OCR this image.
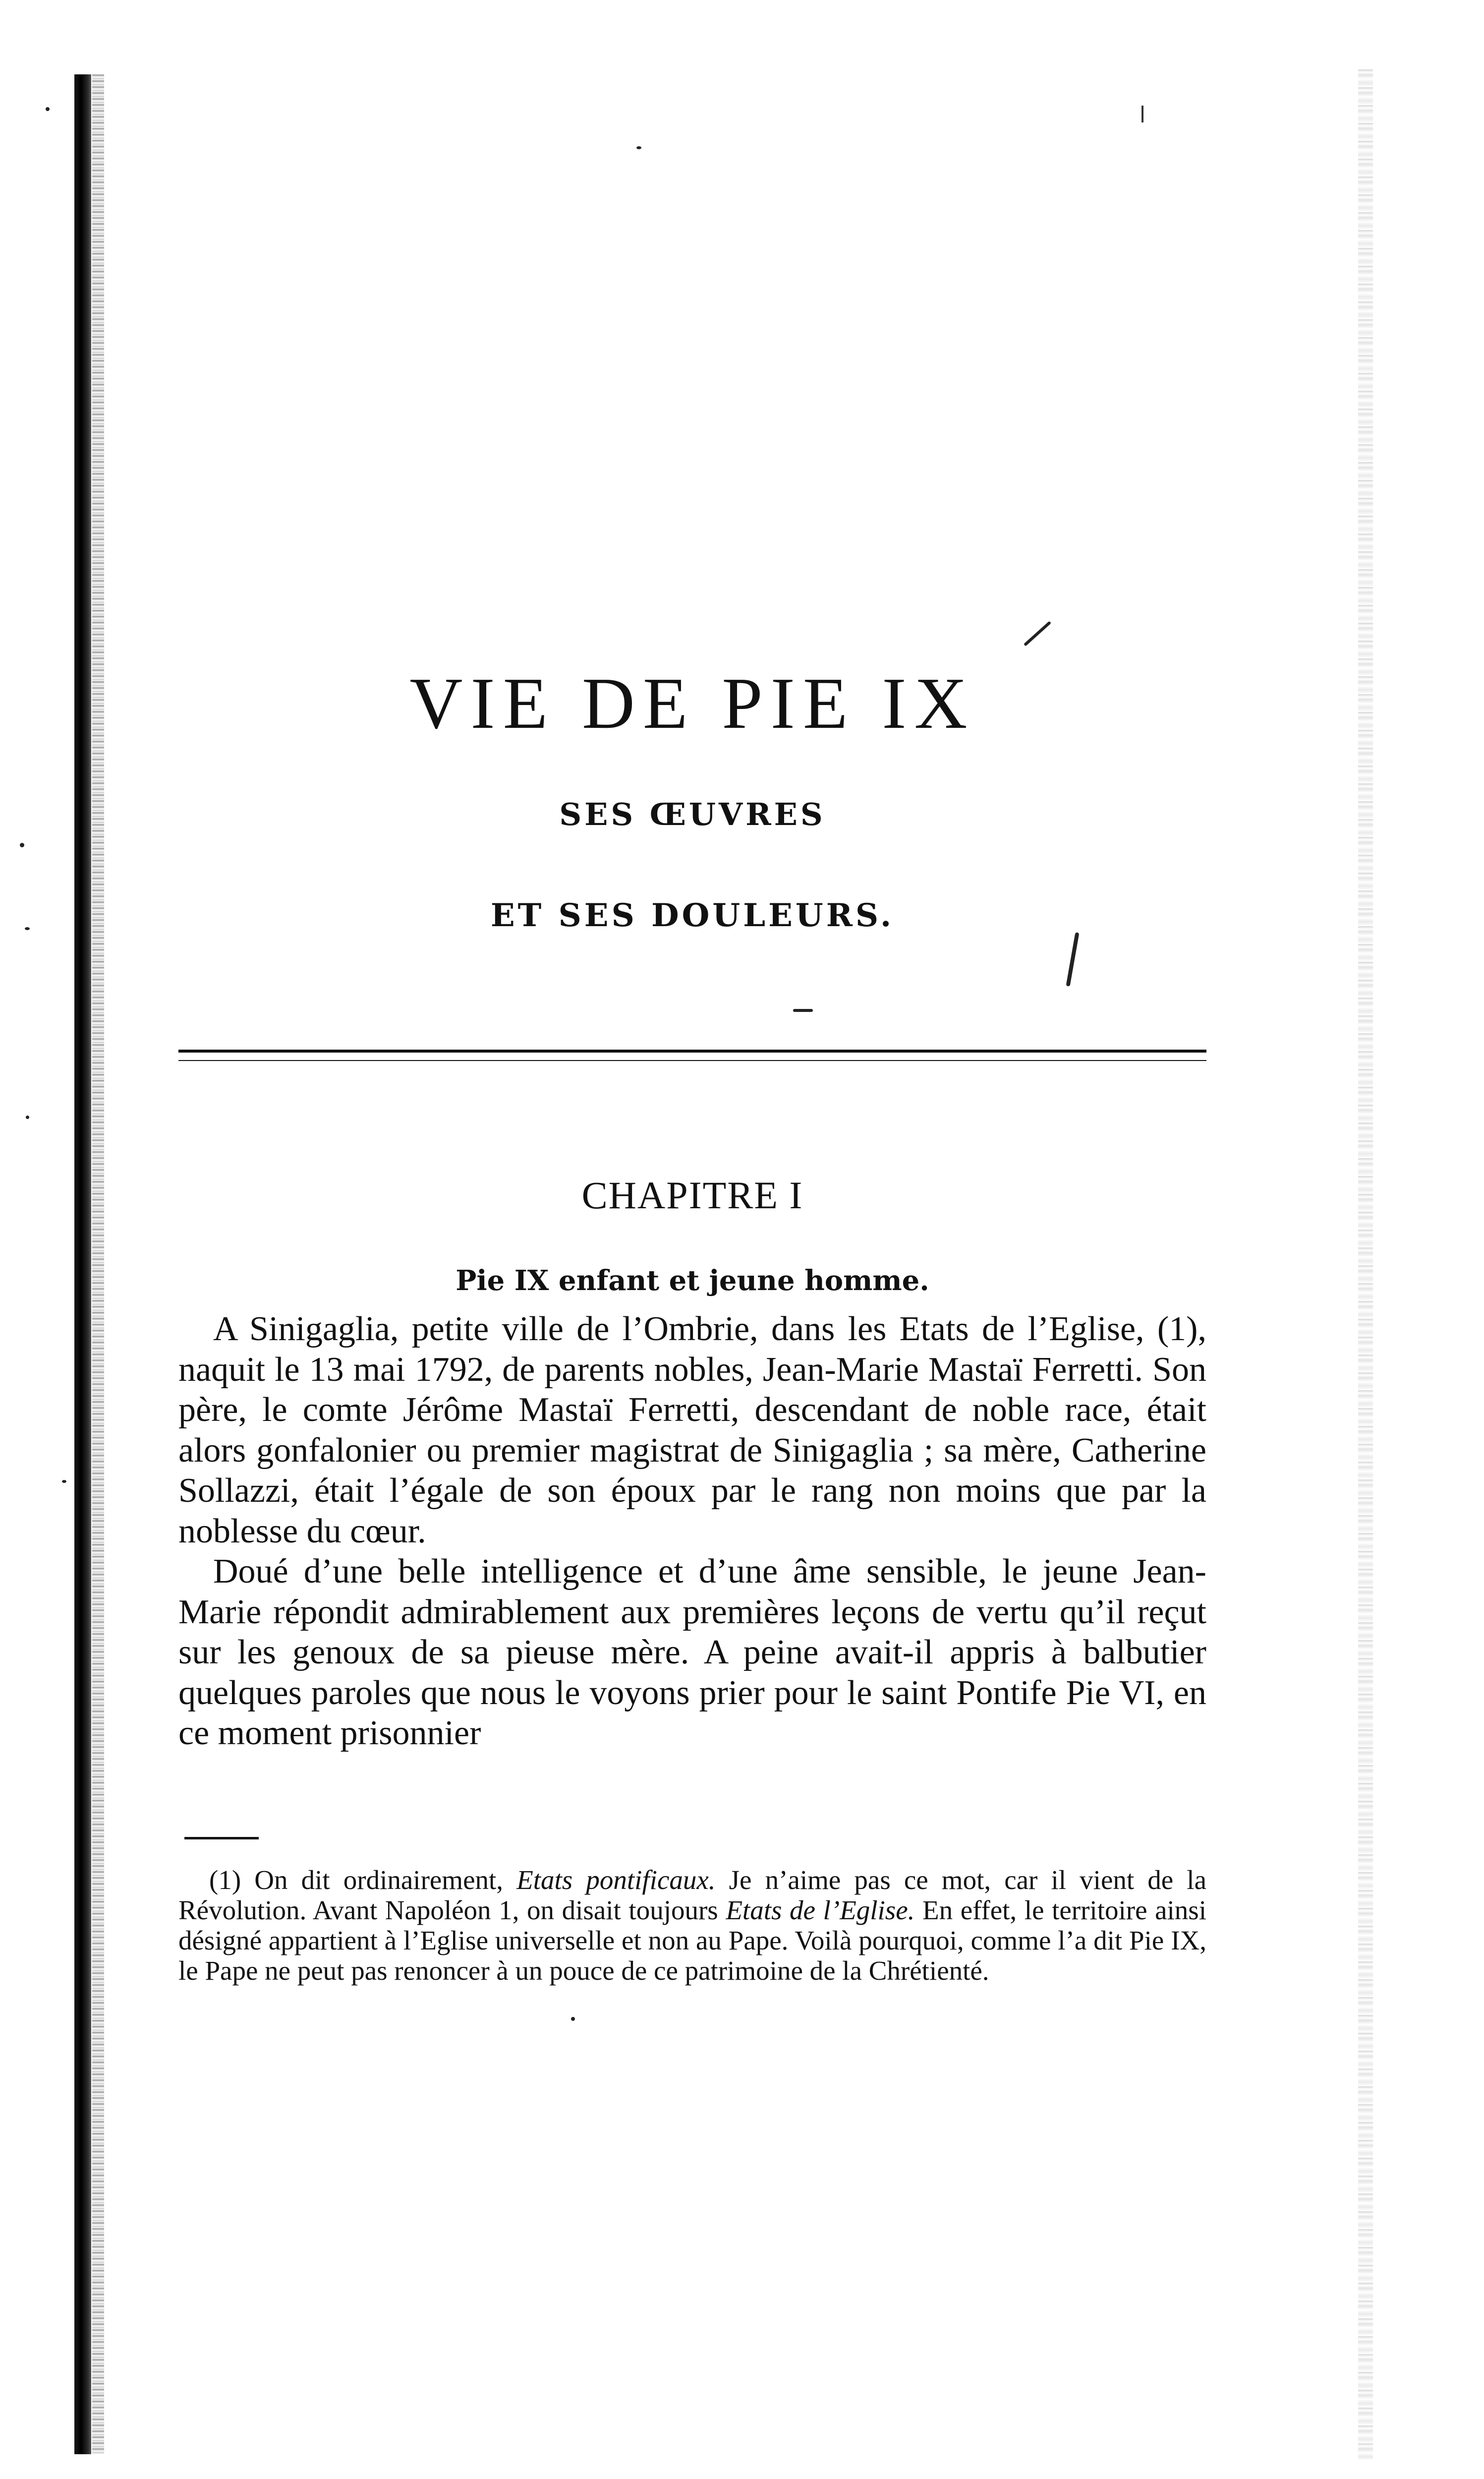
VIE DE PIE IX
SES ŒUVRES
ET SES DOULEURS.
CHAPITRE I
Pie IX enfant et jeune homme.

A Sinigaglia, petite ville de l’Ombrie, dans les Etats de l’Eglise, (1), naquit le 13 mai 1792, de parents nobles, Jean-Marie Mastaï Ferretti. Son père, le comte Jérôme Mastaï Ferretti, descendant de noble race, était alors gonfalonier ou premier magistrat de Sinigaglia ; sa mère, Catherine Sollazzi, était l’égale de son époux par le rang non moins que par la noblesse du cœur.

Doué d’une belle intelligence et d’une âme sensible, le jeune Jean-Marie répondit admirablement aux premières leçons de vertu qu’il reçut sur les genoux de sa pieuse mère. A peine avait-il appris à balbutier quelques paroles que nous le voyons prier pour le saint Pontife Pie VI, en ce moment prisonnier

(1) On dit ordinairement, Etats pontificaux. Je n’aime pas ce mot, car il vient de la Révolution. Avant Napoléon 1, on disait toujours Etats de l’Eglise. En effet, le territoire ainsi désigné appartient à l’Eglise universelle et non au Pape. Voilà pourquoi, comme l’a dit Pie IX, le Pape ne peut pas renoncer à un pouce de ce patrimoine de la Chrétienté.
